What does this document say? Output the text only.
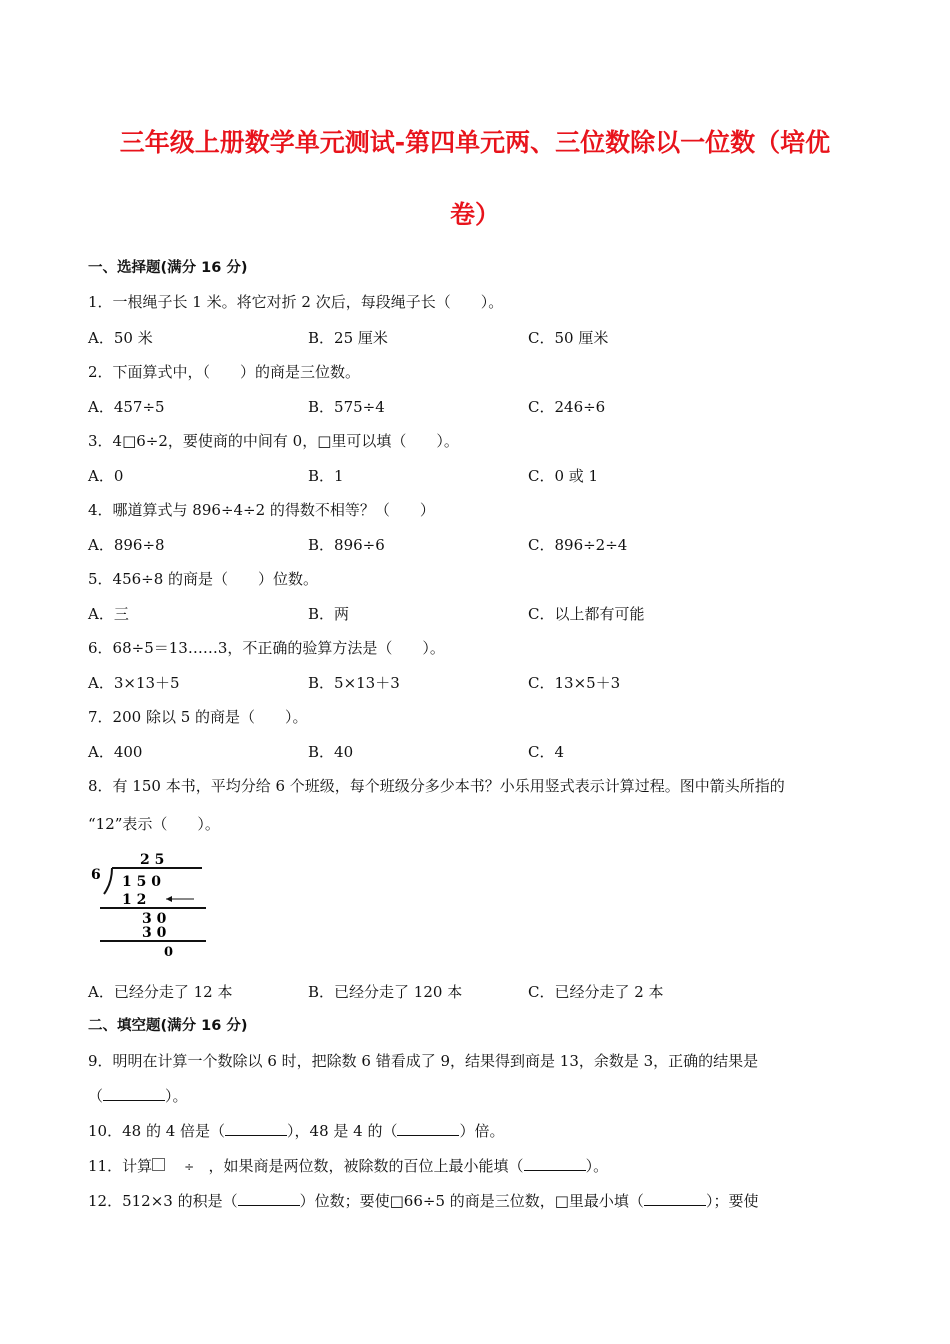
三年级上册数学单元测试-第四单元两、三位数除以一位数（培优
卷）
一、选择题(满分 16 分)
1．一根绳子长 1 米。将它对折 2 次后，每段绳子长（　　）。
A．50 米	B．25 厘米	C．50 厘米
2．下面算式中，（　　）的商是三位数。
A．457÷5	B．575÷4	C．246÷6
3．4□6÷2，要使商的中间有 0，□里可以填（　　）。
A．0	B．1	C．0 或 1
4．哪道算式与 896÷4÷2 的得数不相等？（　　）
A．896÷8	B．896÷6	C．896÷2÷4
5．456÷8 的商是（　　）位数。
A．三	B．两	C．以上都有可能
6．68÷5＝13……3，不正确的验算方法是（　　）。
A．3×13＋5	B．5×13＋3	C．13×5＋3
7．200 除以 5 的商是（　　）。
A．400	B．40	C．4
8．有 150 本书，平均分给 6 个班级，每个班级分多少本书？小乐用竖式表示计算过程。图中箭头所指的
“12”表示（　　）。
2 5
6 1 5 0
1 2
3 0
3 0
0
A．已经分走了 12 本	B．已经分走了 120 本	C．已经分走了 2 本
二、填空题(满分 16 分)
9．明明在计算一个数除以 6 时，把除数 6 错看成了 9，结果得到商是 13，余数是 3，正确的结果是
（	）。
10．48 的 4 倍是（	），48 是 4 的（	）倍。
11．计算	÷ ，如果商是两位数，被除数的百位上最小能填（	）。
12．512×3 的积是（	）位数；要使□66÷5 的商是三位数，□里最小填（	）；要使
